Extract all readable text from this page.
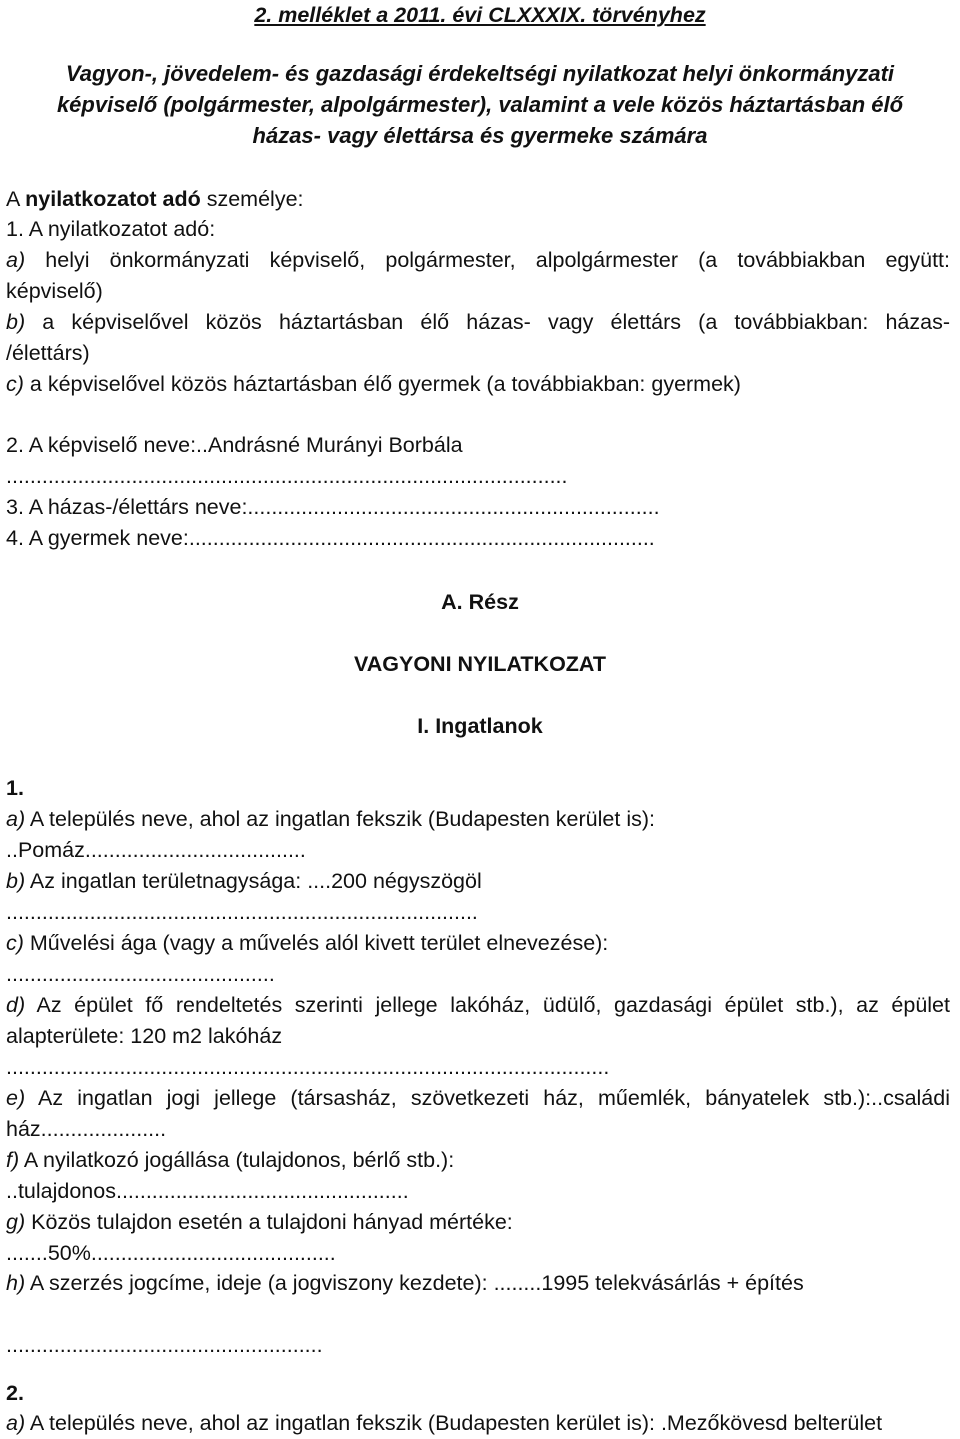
2. melléklet a 2011. évi CLXXXIX. törvényhez
Vagyon-, jövedelem- és gazdasági érdekeltségi nyilatkozat helyi önkormányzati
képviselő (polgármester, alpolgármester), valamint a vele közös háztartásban élő
házas- vagy élettársa és gyermeke számára
A nyilatkozatot adó személye:
1. A nyilatkozatot adó:
a) helyi önkormányzati képviselő, polgármester, alpolgármester (a továbbiakban együtt:
képviselő)
b) a képviselővel közös háztartásban élő házas- vagy élettárs (a továbbiakban: házas-
/élettárs)
c) a képviselővel közös háztartásban élő gyermek (a továbbiakban: gyermek)
2. A képviselő neve:..Andrásné Murányi Borbála
..............................................................................................
3. A házas-/élettárs neve:.....................................................................
4. A gyermek neve:..............................................................................
A. Rész
VAGYONI NYILATKOZAT
I. Ingatlanok
1.
a) A település neve, ahol az ingatlan fekszik (Budapesten kerület is):
..Pomáz.....................................
b) Az ingatlan területnagysága: ....200 négyszögöl
...............................................................................
c) Művelési ága (vagy a művelés alól kivett terület elnevezése):
.............................................
d) Az épület fő rendeltetés szerinti jellege lakóház, üdülő, gazdasági épület stb.), az épület
alapterülete: 120 m2 lakóház
.....................................................................................................
e) Az ingatlan jogi jellege (társasház, szövetkezeti ház, műemlék, bányatelek stb.):..családi
ház.....................
f) A nyilatkozó jogállása (tulajdonos, bérlő stb.):
..tulajdonos.................................................
g) Közös tulajdon esetén a tulajdoni hányad mértéke:
.......50%.........................................
h) A szerzés jogcíme, ideje (a jogviszony kezdete): ........1995 telekvásárlás + építés
.....................................................
2.
a) A település neve, ahol az ingatlan fekszik (Budapesten kerület is): .Mezőkövesd belterület
